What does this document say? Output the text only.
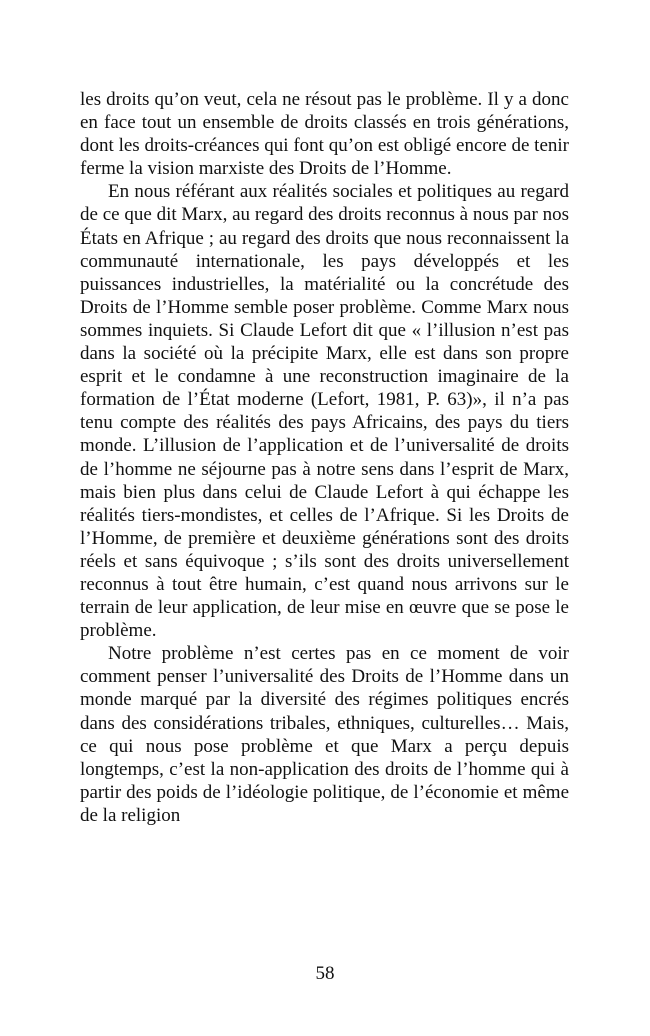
les droits qu’on veut, cela ne résout pas le problème. Il y a donc en face tout un ensemble de droits classés en trois générations, dont les droits-créances qui font qu’on est obligé encore de tenir ferme la vision marxiste des Droits de l’Homme.

En nous référant aux réalités sociales et politiques au regard de ce que dit Marx, au regard des droits reconnus à nous par nos États en Afrique ; au regard des droits que nous reconnaissent la communauté internationale, les pays développés et les puissances industrielles, la matérialité ou la concrétude des Droits de l’Homme semble poser problème. Comme Marx nous sommes inquiets. Si Claude Lefort dit que « l’illusion n’est pas dans la société où la précipite Marx, elle est dans son propre esprit et le condamne à une reconstruction imaginaire de la formation de l’État moderne (Lefort, 1981, P. 63)», il n’a pas tenu compte des réalités des pays Africains, des pays du tiers monde. L’illusion de l’application et de l’universalité de droits de l’homme ne séjourne pas à notre sens dans l’esprit de Marx, mais bien plus dans celui de Claude Lefort à qui échappe les réalités tiers-mondistes, et celles de l’Afrique. Si les Droits de l’Homme, de première et deuxième générations sont des droits réels et sans équivoque ; s’ils sont des droits universellement reconnus à tout être humain, c’est quand nous arrivons sur le terrain de leur application, de leur mise en œuvre que se pose le problème.

Notre problème n’est certes pas en ce moment de voir comment penser l’universalité des Droits de l’Homme dans un monde marqué par la diversité des régimes politiques encrés dans des considérations tribales, ethniques, culturelles… Mais, ce qui nous pose problème et que Marx a perçu depuis longtemps, c’est la non-application des droits de l’homme qui à partir des poids de l’idéologie politique, de l’économie et même de la religion

58
